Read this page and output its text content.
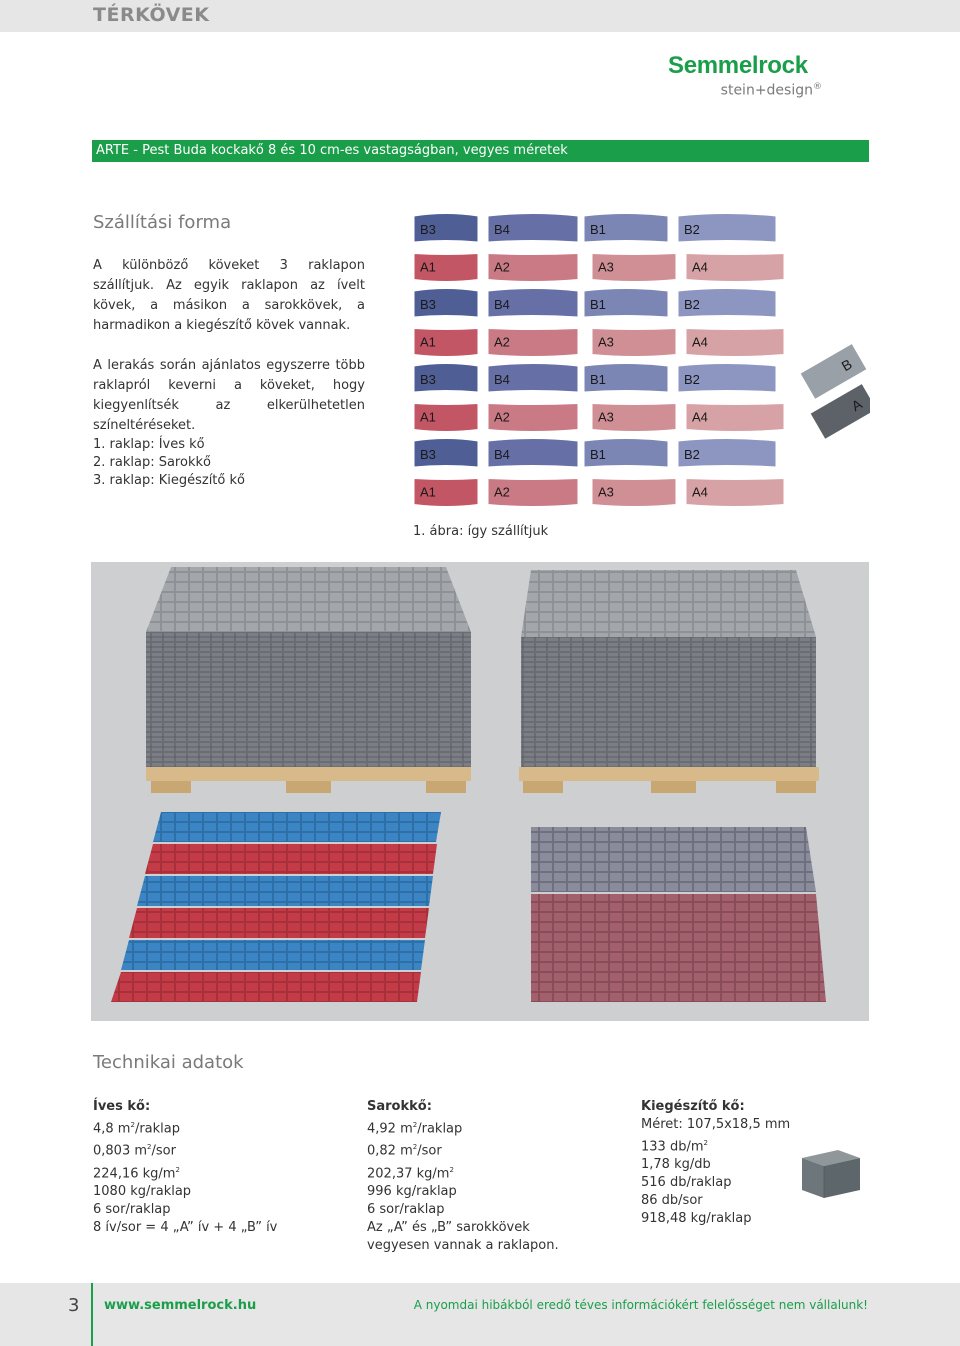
TÉRKÖVEK
Semmelrock
stein+design®
ARTE - Pest Buda kockakő 8 és 10 cm-es vastagságban, vegyes méretek
Szállítási forma
A különböző köveket 3 raklapon szállítjuk. Az egyik raklapon az ívelt kövek, a másikon a sarokkövek, a harmadikon a kiegészítő kövek vannak.
A lerakás során ajánlatos egyszerre több raklapról keverni a köveket, hogy kiegyenlítsék az elkerülhetetlen színeltéréseket.
1. raklap: Íves kő
2. raklap: Sarokkő
3. raklap: Kiegészítő kő
B3	B4	B1	B2
A1	A2	A3	A4
B3	B4	B1	B2
A1	A2	A3	A4
B3	B4	B1	B2
A1	A2	A3	A4
B3	B4	B1	B2
A1	A2	A3	A4
B
A
1. ábra: így szállítjuk
Technikai adatok
Íves kő:
4,8 $m^2$/raklap
0,803 $m^2$/sor
224,16 $kg/m^2$
1080 kg/raklap
6 sor/raklap
8 ív/sor = 4 „A” ív + 4 „B” ív
Sarokkő:
4,92 $m^2$/raklap
0,82 $m^2$/sor
202,37 $kg/m^2$
996 kg/raklap
6 sor/raklap
Az „A” és „B” sarokkövek
vegyesen vannak a raklapon.
Kiegészítő kő:
Méret: 107,5x18,5 mm
133 $db/m^2$
1,78 kg/db
516 db/raklap
86 db/sor
918,48 kg/raklap
3 www.semmelrock.hu	A nyomdai hibákból eredő téves információkért felelősséget nem vállalunk!
